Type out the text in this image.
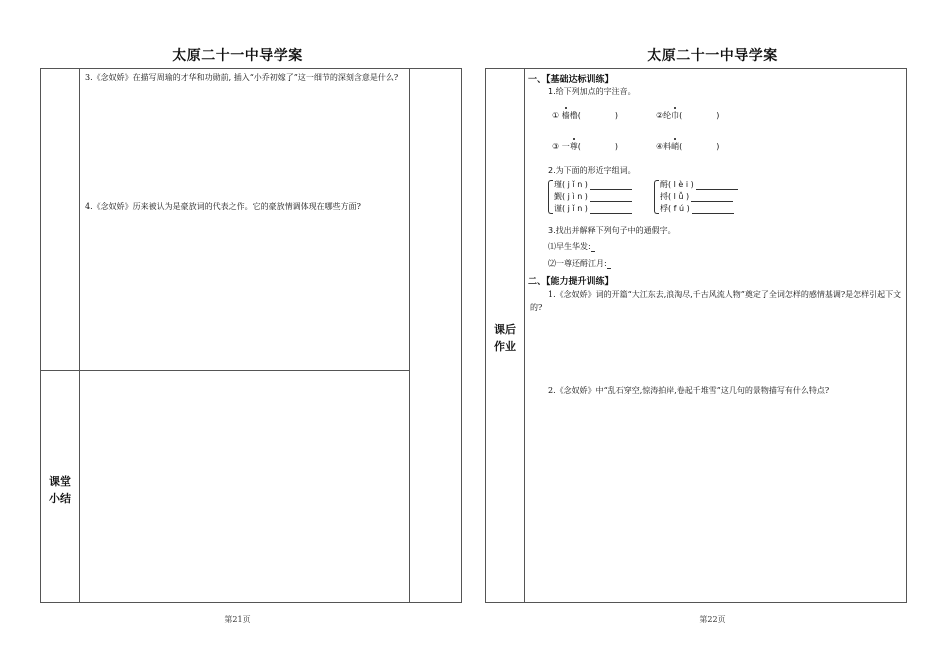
太原二十一中导学案
3.《念奴娇》在描写周瑜的才华和功勋前, 插入“小乔初嫁了”这一细节的深刻含意是什么?
4.《念奴娇》历来被认为是豪放词的代表之作。它的豪放情调体现在哪些方面?
课堂
小结
第21页
太原二十一中导学案
课后
作业
一、【基础达标训练】
1.给下列加点的字注音。
① 樯橹(	)	②纶巾(	)
③ 一尊(	)	④料峭(	)
2.为下面的形近字组词。
瑾( j ǐ n )
觐( j ì n )
谨( j ǐ n )
酹( l è i )
捋( l ǚ )
桴( f ú )
3.找出并解释下列句子中的通假字。
⑴早生华发:
⑵一尊还酹江月:
二、【能力提升训练】
1.《念奴娇》词的开篇“大江东去,浪淘尽,千古风流人物”奠定了全词怎样的感情基调?是怎样引起下文的?
2.《念奴娇》中“乱石穿空,惊涛拍岸,卷起千堆雪”这几句的景物描写有什么特点?
第22页
